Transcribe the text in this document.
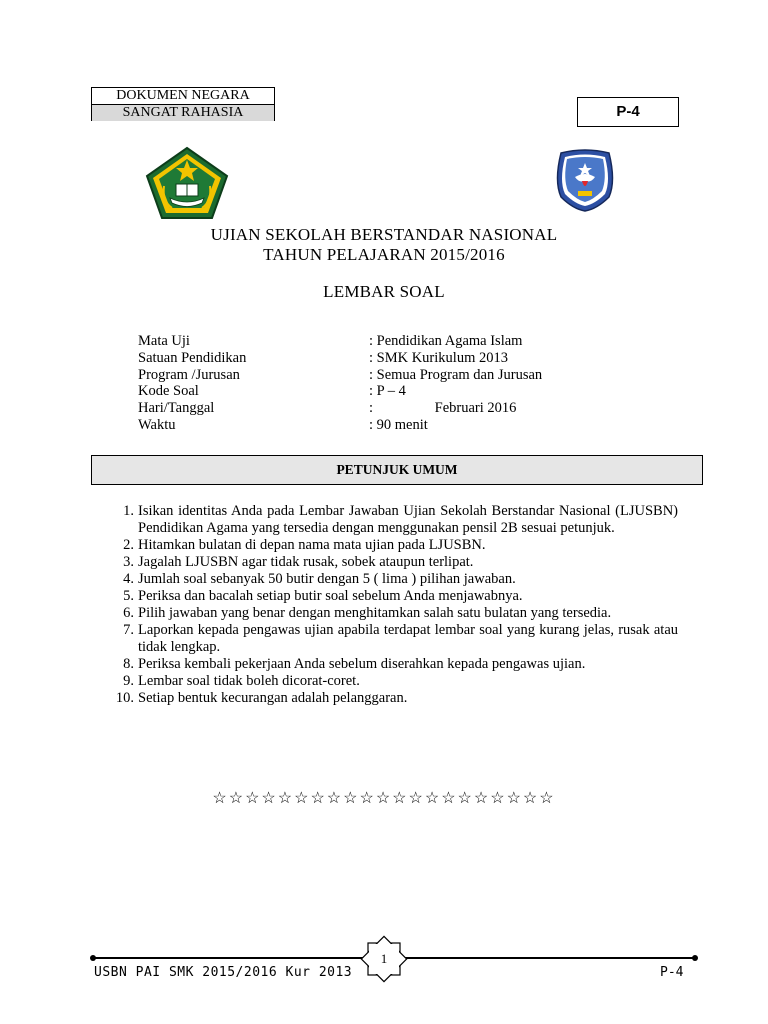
DOKUMEN NEGARA
SANGAT RAHASIA	P-4
UJIAN SEKOLAH BERSTANDAR NASIONAL
TAHUN PELAJARAN 2015/2016
LEMBAR SOAL
Mata Uji	: Pendidikan Agama Islam
Satuan Pendidikan	: SMK Kurikulum 2013
Program /Jurusan	: Semua Program dan Jurusan
Kode Soal	: P – 4
Hari/Tanggal	:                 Februari 2016
Waktu	: 90 menit
PETUNJUK UMUM
1. Isikan identitas Anda pada Lembar Jawaban Ujian Sekolah Berstandar Nasional (LJUSBN) Pendidikan Agama yang tersedia dengan menggunakan pensil 2B sesuai petunjuk.
2. Hitamkan bulatan di depan nama mata ujian pada LJUSBN.
3. Jagalah LJUSBN agar tidak rusak, sobek ataupun terlipat.
4. Jumlah soal sebanyak 50 butir dengan 5 ( lima ) pilihan jawaban.
5. Periksa dan bacalah setiap butir soal sebelum Anda menjawabnya.
6. Pilih jawaban yang benar dengan menghitamkan salah satu bulatan yang tersedia.
7. Laporkan kepada pengawas ujian apabila terdapat lembar soal yang kurang jelas, rusak atau tidak lengkap.
8. Periksa kembali pekerjaan Anda sebelum diserahkan kepada pengawas ujian.
9. Lembar soal tidak boleh dicorat-coret.
10. Setiap bentuk kecurangan adalah pelanggaran.
☆☆☆☆☆☆☆☆☆☆☆☆☆☆☆☆☆☆☆☆☆
1
USBN PAI SMK 2015/2016 Kur 2013	P-4
